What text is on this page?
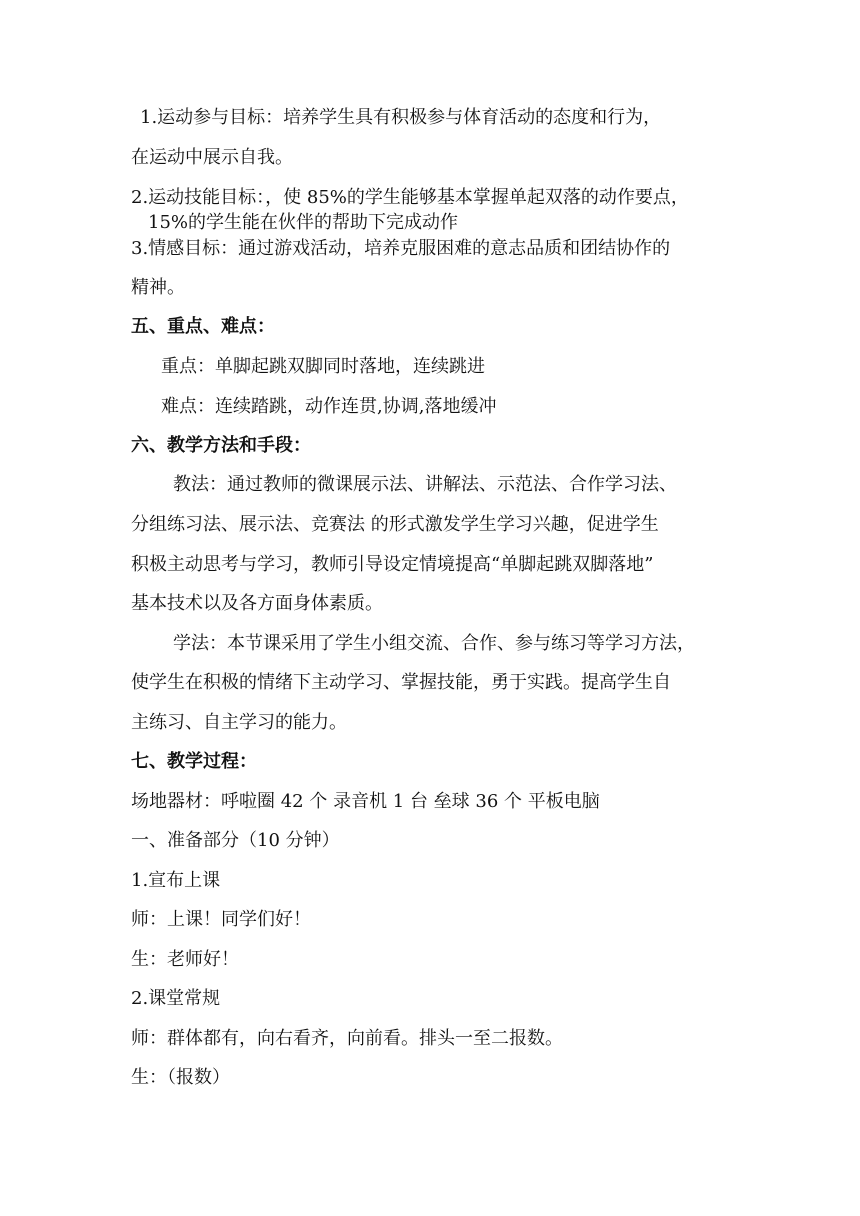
1.运动参与目标：培养学生具有积极参与体育活动的态度和行为，
在运动中展示自我。
2.运动技能目标：，使 85%的学生能够基本掌握单起双落的动作要点，
15%的学生能在伙伴的帮助下完成动作
3.情感目标：通过游戏活动，培养克服困难的意志品质和团结协作的
精神。
五、重点、难点：
重点：单脚起跳双脚同时落地，连续跳进
难点：连续踏跳，动作连贯,协调,落地缓冲
六、教学方法和手段：
教法：通过教师的微课展示法、讲解法、示范法、合作学习法、
分组练习法、展示法、竞赛法 的形式激发学生学习兴趣，促进学生
积极主动思考与学习，教师引导设定情境提高“单脚起跳双脚落地”
基本技术以及各方面身体素质。
学法：本节课采用了学生小组交流、合作、参与练习等学习方法，
使学生在积极的情绪下主动学习、掌握技能，勇于实践。提高学生自
主练习、自主学习的能力。
七、教学过程：
场地器材：呼啦圈 42 个 录音机 1 台 垒球 36 个 平板电脑
一、准备部分（10 分钟）
1.宣布上课
师：上课！同学们好！
生：老师好！
2.课堂常规
师：群体都有，向右看齐，向前看。排头一至二报数。
生：（报数）
